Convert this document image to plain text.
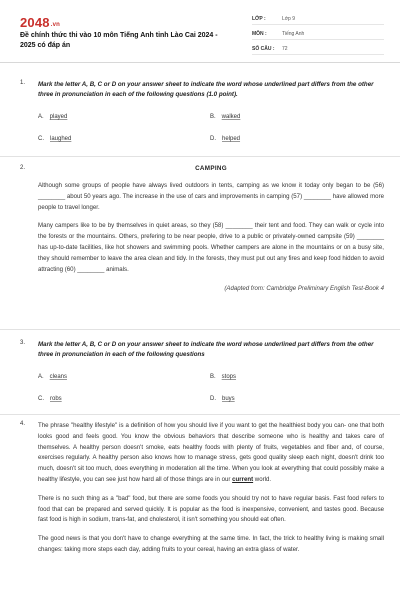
2048.vn
Đề chính thức thi vào 10 môn Tiếng Anh tỉnh Lào Cai 2024 - 2025 có đáp án
LỚP :	Lớp 9
MÔN :	Tiếng Anh
SỐ CÂU :	72
1. Mark the letter A, B, C or D on your answer sheet to indicate the word whose underlined part differs from the other three in pronunciation in each of the following questions (1.0 point).
A. played	B. walked
C. laughed	D. helped
2.	CAMPING
Although some groups of people have always lived outdoors in tents, camping as we know it today only began to be (56) ________ about 50 years ago. The increase in the use of cars and improvements in camping (57) ________ have allowed more people to travel longer.
Many campers like to be by themselves in quiet areas, so they (58) ________ their tent and food. They can walk or cycle into the forests or the mountains. Others, prefering to be near people, drive to a public or privately-owned campsite (59) ________ has up-to-date facilities, like hot showers and swimming pools. Whether campers are alone in the mountains or on a busy site, they should remember to leave the area clean and tidy. In the forests, they must put out any fires and keep food hidden to avoid attracting (60) ________ animals.
(Adapted from: Cambridge Preliminary English Test-Book 4
3. Mark the letter A, B, C or D on your answer sheet to indicate the word whose underlined part differs from the other three in pronunciation in each of the following questions
A. cleans	B. stops
C. robs	D. buys
4. The phrase "healthy lifestyle" is a definition of how you should live if you want to get the healthiest body you can- one that both looks good and feels good. You know the obvious behaviors that describe someone who is healthy and takes care of themselves. A healthy person doesn't smoke, eats healthy foods with plenty of fruits, vegetables and fiber and, of course, exercises regularly. A healthy person also knows how to manage stress, gets good quality sleep each night, doesn't drink too much, doesn't sit too much, does everything in moderation all the time. When you look at everything that could possibly make a healthy lifestyle, you can see just how hard all of those things are in our current world.
There is no such thing as a "bad" food, but there are some foods you should try not to have regular basis. Fast food refers to food that can be prepared and served quickly. It is popular as the food is inexpensive, convenient, and tastes good. Because fast food is high in sodium, trans-fat, and cholesterol, it isn't something you should eat often.
The good news is that you don't have to change everything at the same time. In fact, the trick to healthy living is making small changes: taking more steps each day, adding fruits to your cereal, having an extra glass of water.
